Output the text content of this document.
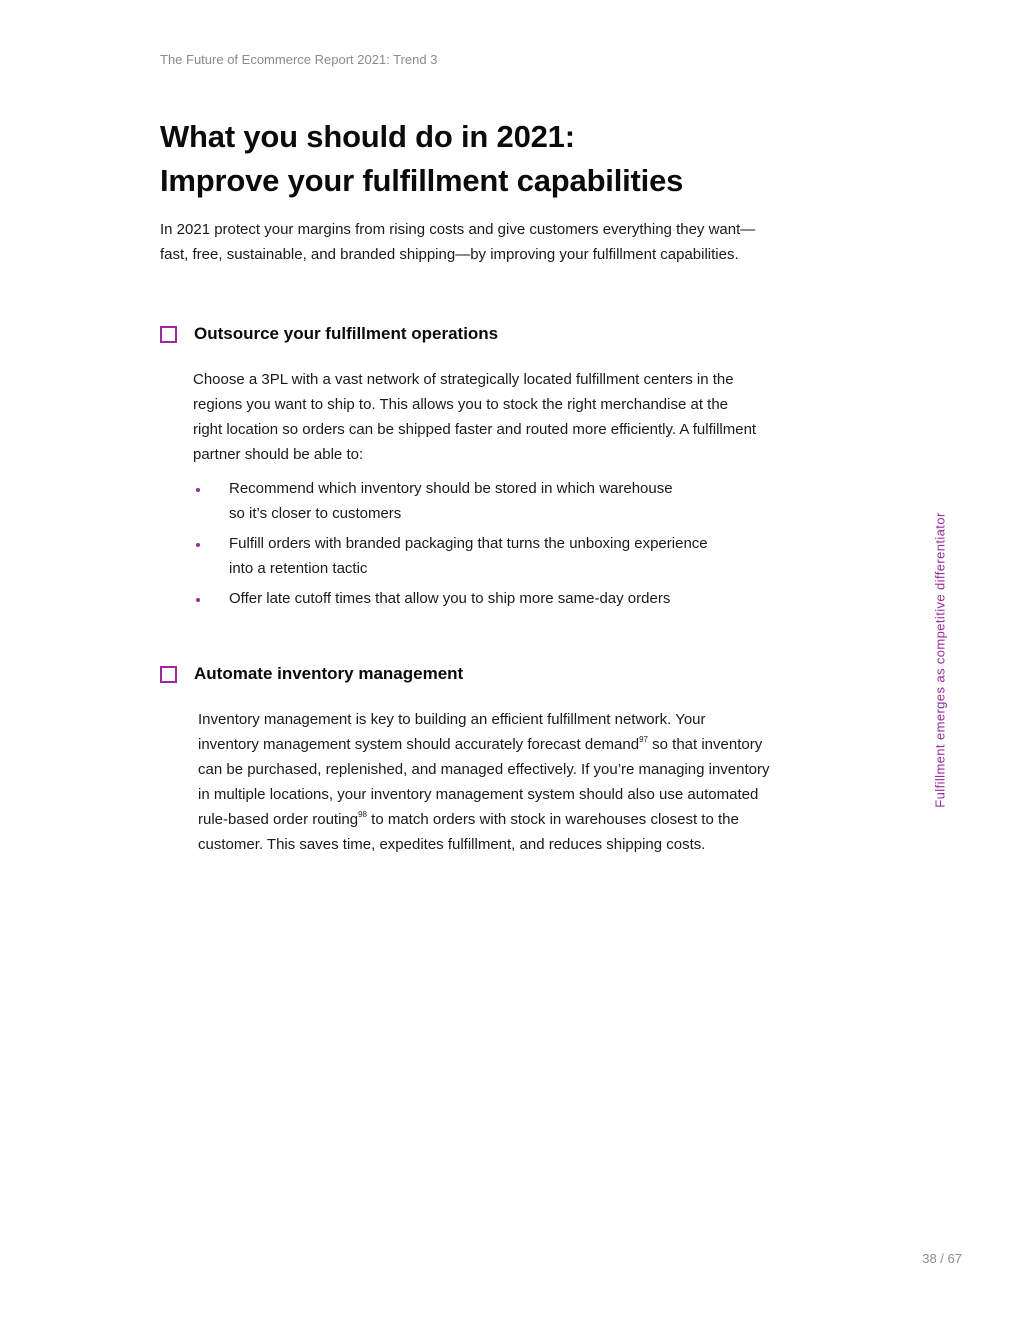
The Future of Ecommerce Report 2021: Trend 3
What you should do in 2021:
Improve your fulfillment capabilities

In 2021 protect your margins from rising costs and give customers everything they want—
fast, free, sustainable, and branded shipping—by improving your fulfillment capabilities.

Outsource your fulfillment operations

Choose a 3PL with a vast network of strategically located fulfillment centers in the
regions you want to ship to. This allows you to stock the right merchandise at the
right location so orders can be shipped faster and routed more efficiently. A fulfillment
partner should be able to:

Recommend which inventory should be stored in which warehouse
so it’s closer to customers
Fulfill orders with branded packaging that turns the unboxing experience
into a retention tactic
Offer late cutoff times that allow you to ship more same-day orders
Automate inventory management

Inventory management is key to building an efficient fulfillment network. Your
inventory management system should accurately forecast demand$^{97}$ so that inventory
can be purchased, replenished, and managed effectively. If you’re managing inventory
in multiple locations, your inventory management system should also use automated
rule-based order routing$^{98}$ to match orders with stock in warehouses closest to the
customer. This saves time, expedites fulfillment, and reduces shipping costs.

Fulfillment emerges as competitive differentiator
38 / 67
